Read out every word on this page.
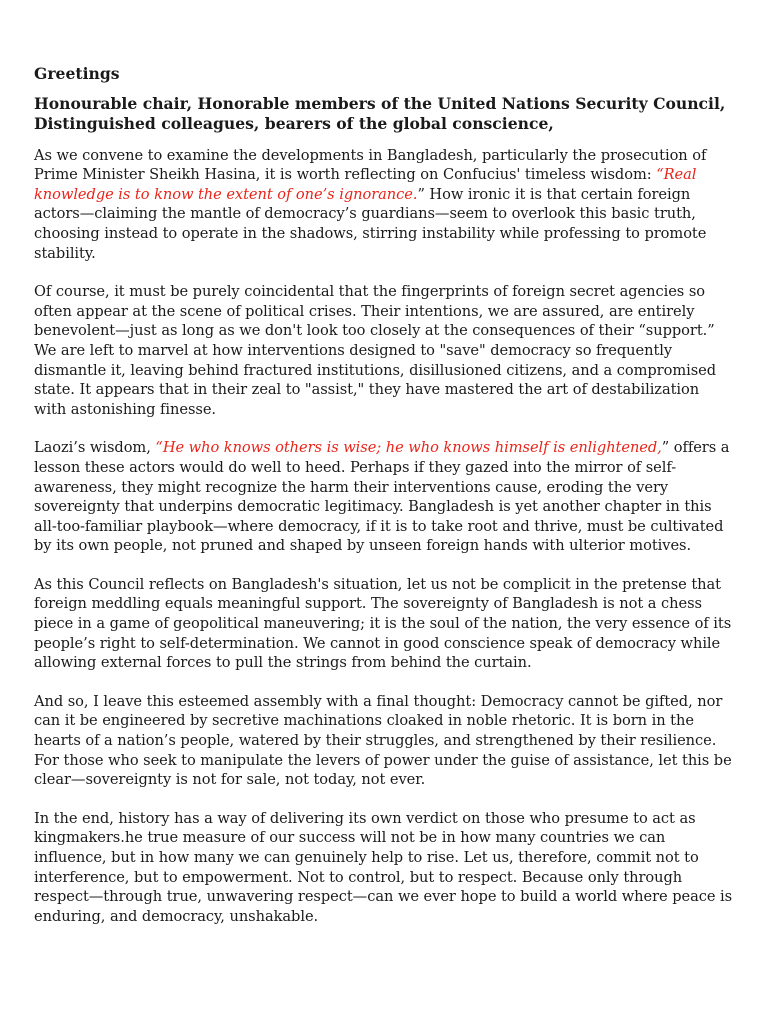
Greetings

Honourable chair, Honorable members of the United Nations Security Council,
Distinguished colleagues, bearers of the global conscience,

As we convene to examine the developments in Bangladesh, particularly the prosecution of Prime Minister Sheikh Hasina, it is worth reflecting on Confucius' timeless wisdom: “Real knowledge is to know the extent of one’s ignorance.” How ironic it is that certain foreign actors—claiming the mantle of democracy’s guardians—seem to overlook this basic truth, choosing instead to operate in the shadows, stirring instability while professing to promote stability.

Of course, it must be purely coincidental that the fingerprints of foreign secret agencies so often appear at the scene of political crises. Their intentions, we are assured, are entirely benevolent—just as long as we don't look too closely at the consequences of their “support.” We are left to marvel at how interventions designed to "save" democracy so frequently dismantle it, leaving behind fractured institutions, disillusioned citizens, and a compromised state. It appears that in their zeal to "assist," they have mastered the art of destabilization with astonishing finesse.

Laozi’s wisdom, “He who knows others is wise; he who knows himself is enlightened,” offers a lesson these actors would do well to heed. Perhaps if they gazed into the mirror of self-awareness, they might recognize the harm their interventions cause, eroding the very sovereignty that underpins democratic legitimacy. Bangladesh is yet another chapter in this all-too-familiar playbook—where democracy, if it is to take root and thrive, must be cultivated by its own people, not pruned and shaped by unseen foreign hands with ulterior motives.

As this Council reflects on Bangladesh's situation, let us not be complicit in the pretense that foreign meddling equals meaningful support. The sovereignty of Bangladesh is not a chess piece in a game of geopolitical maneuvering; it is the soul of the nation, the very essence of its people’s right to self-determination. We cannot in good conscience speak of democracy while allowing external forces to pull the strings from behind the curtain.

And so, I leave this esteemed assembly with a final thought: Democracy cannot be gifted, nor can it be engineered by secretive machinations cloaked in noble rhetoric. It is born in the hearts of a nation’s people, watered by their struggles, and strengthened by their resilience. For those who seek to manipulate the levers of power under the guise of assistance, let this be clear—sovereignty is not for sale, not today, not ever.

In the end, history has a way of delivering its own verdict on those who presume to act as kingmakers.he true measure of our success will not be in how many countries we can influence, but in how many we can genuinely help to rise. Let us, therefore, commit not to interference, but to empowerment. Not to control, but to respect. Because only through respect—through true, unwavering respect—can we ever hope to build a world where peace is enduring, and democracy, unshakable.
